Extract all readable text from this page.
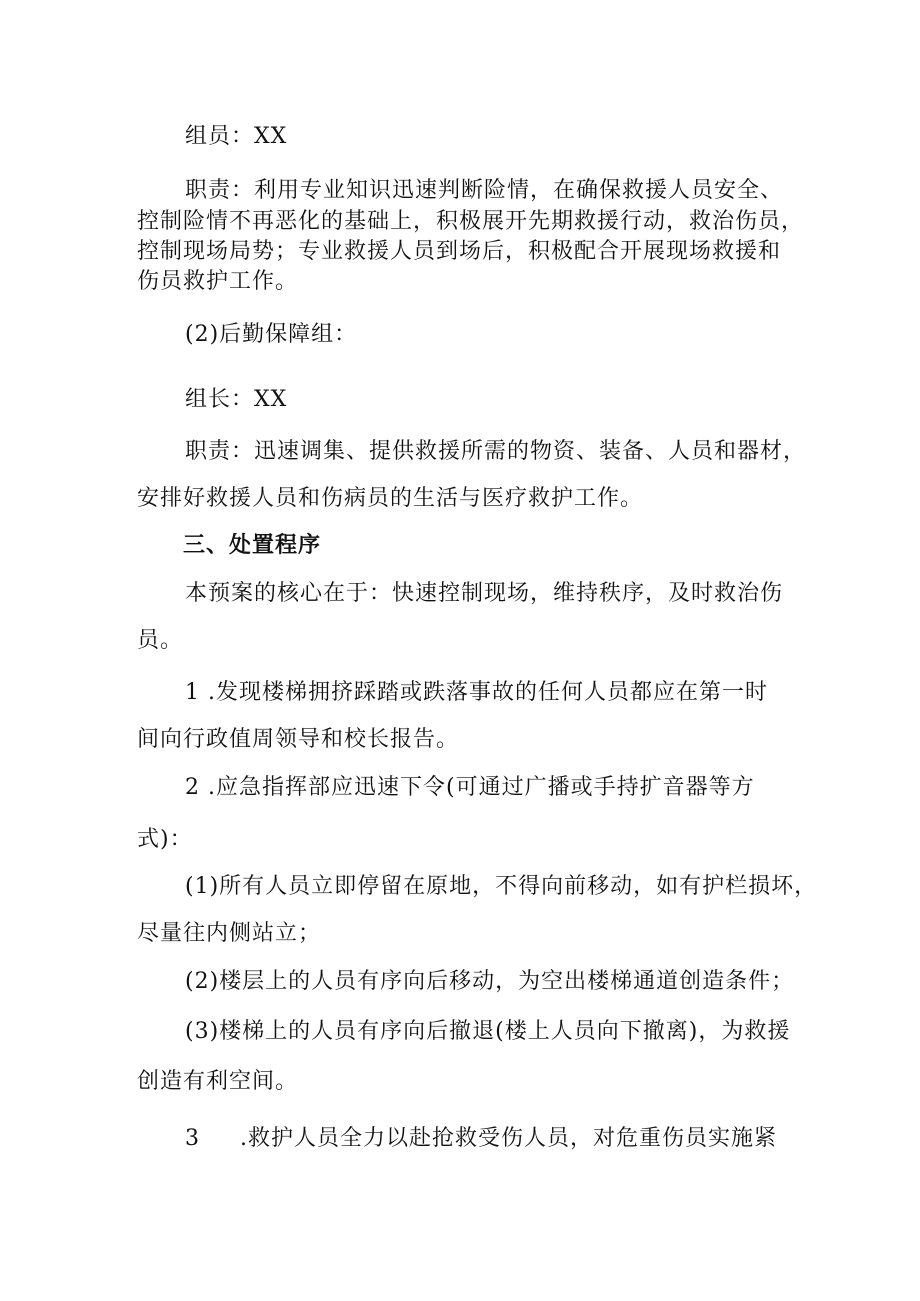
组员：XX
职责：利用专业知识迅速判断险情，在确保救援人员安全、
控制险情不再恶化的基础上，积极展开先期救援行动，救治伤员，
控制现场局势；专业救援人员到场后，积极配合开展现场救援和
伤员救护工作。
(2)后勤保障组：
组长：XX
职责：迅速调集、提供救援所需的物资、装备、人员和器材，
安排好救援人员和伤病员的生活与医疗救护工作。
三、处置程序
本预案的核心在于：快速控制现场，维持秩序，及时救治伤
员。
1 .发现楼梯拥挤踩踏或跌落事故的任何人员都应在第一时
间向行政值周领导和校长报告。
2 .应急指挥部应迅速下令(可通过广播或手持扩音器等方
式)：
(1)所有人员立即停留在原地，不得向前移动，如有护栏损坏，
尽量往内侧站立；
(2)楼层上的人员有序向后移动，为空出楼梯通道创造条件；
(3)楼梯上的人员有序向后撤退(楼上人员向下撤离)，为救援
创造有利空间。
3 .救护人员全力以赴抢救受伤人员，对危重伤员实施紧
